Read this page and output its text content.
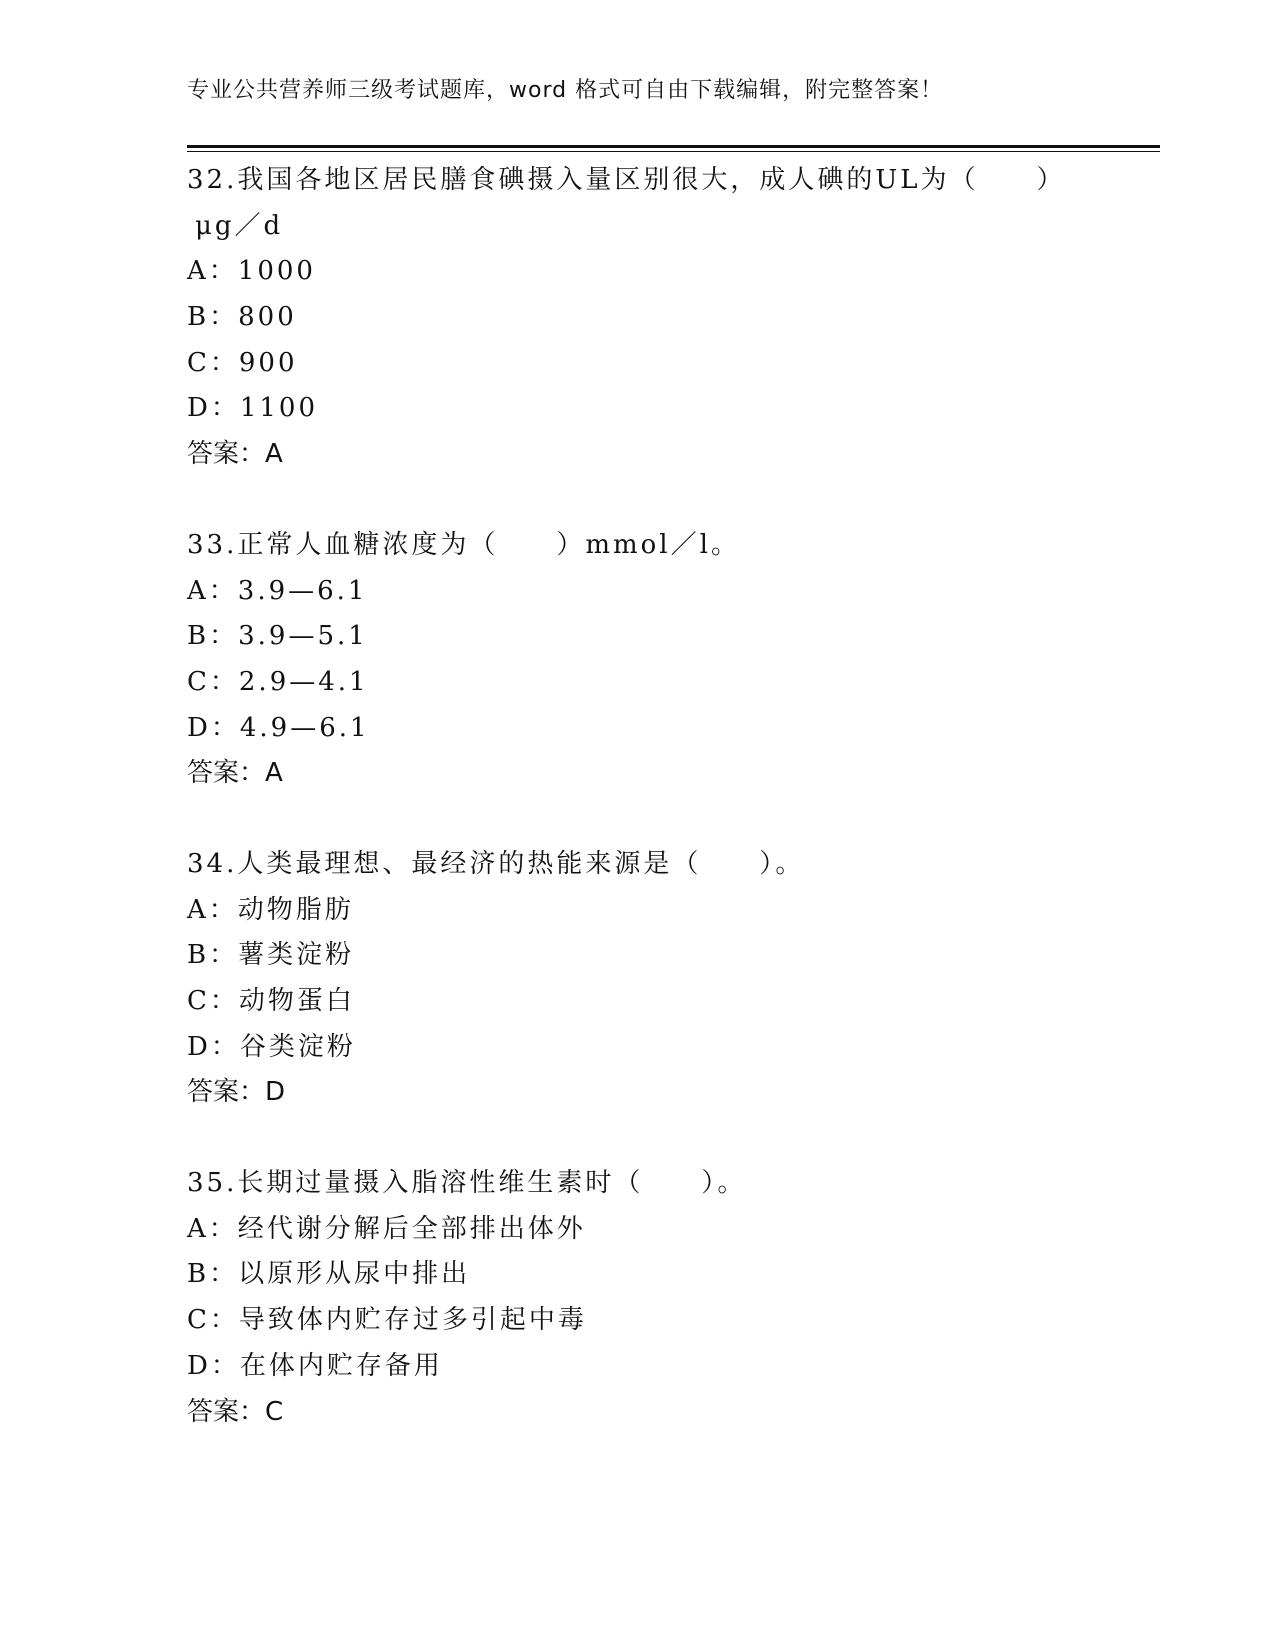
专业公共营养师三级考试题库，word 格式可自由下载编辑，附完整答案！
32.我国各地区居民膳食碘摄入量区别很大，成人碘的UL为（　　）
μg／d
A：1000
B：800
C：900
D：1100
答案：A
33.正常人血糖浓度为（　　）mmol／l。
A：3.9—6.1
B：3.9—5.1
C：2.9—4.1
D：4.9—6.1
答案：A
34.人类最理想、最经济的热能来源是（　　）。
A：动物脂肪
B：薯类淀粉
C：动物蛋白
D：谷类淀粉
答案：D
35.长期过量摄入脂溶性维生素时（　　）。
A：经代谢分解后全部排出体外
B：以原形从尿中排出
C：导致体内贮存过多引起中毒
D：在体内贮存备用
答案：C
